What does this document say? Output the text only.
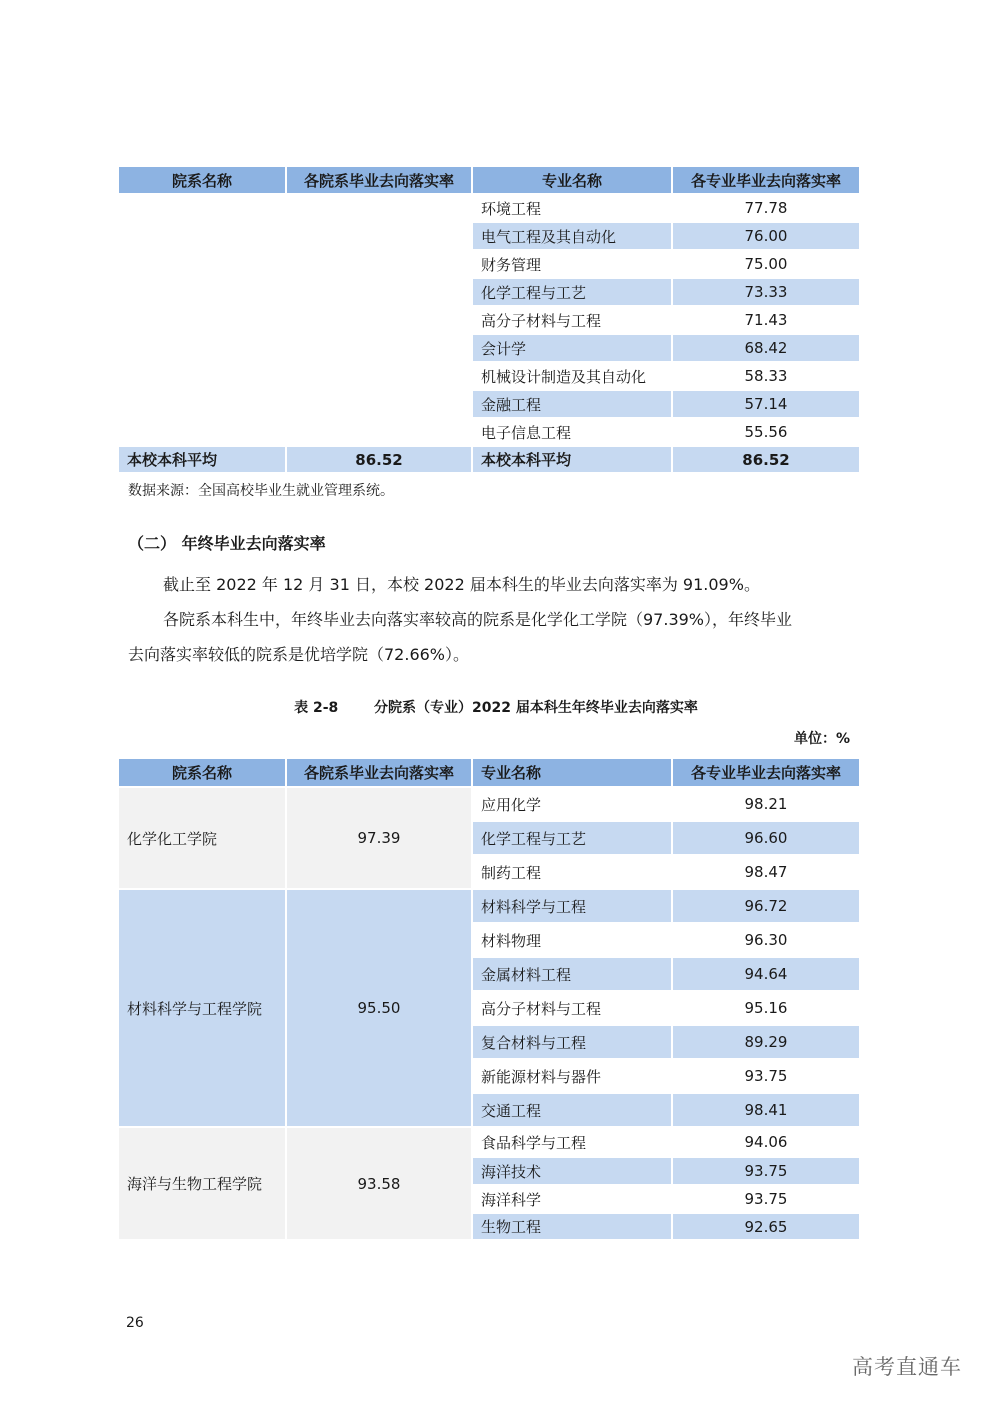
院系名称	各院系毕业去向落实率	专业名称	各专业毕业去向落实率
		环境工程	77.78
		电气工程及其自动化	76.00
		财务管理	75.00
		化学工程与工艺	73.33
		高分子材料与工程	71.43
		会计学	68.42
		机械设计制造及其自动化	58.33
		金融工程	57.14
		电子信息工程	55.56
本校本科平均	86.52	本校本科平均	86.52
数据来源：全国高校毕业生就业管理系统。
（二） 年终毕业去向落实率
截止至 2022 年 12 月 31 日，本校 2022 届本科生的毕业去向落实率为 91.09%。
各院系本科生中，年终毕业去向落实率较高的院系是化学化工学院（97.39%），年终毕业
去向落实率较低的院系是优培学院（72.66%）。
表 2-8	分院系（专业）2022 届本科生年终毕业去向落实率
单位：%
院系名称	各院系毕业去向落实率	专业名称	各专业毕业去向落实率
化学化工学院	97.39	应用化学	98.21
		化学工程与工艺	96.60
		制药工程	98.47
材料科学与工程学院	95.50	材料科学与工程	96.72
		材料物理	96.30
		金属材料工程	94.64
		高分子材料与工程	95.16
		复合材料与工程	89.29
		新能源材料与器件	93.75
		交通工程	98.41
海洋与生物工程学院	93.58	食品科学与工程	94.06
		海洋技术	93.75
		海洋科学	93.75
		生物工程	92.65
26
高考直通车
